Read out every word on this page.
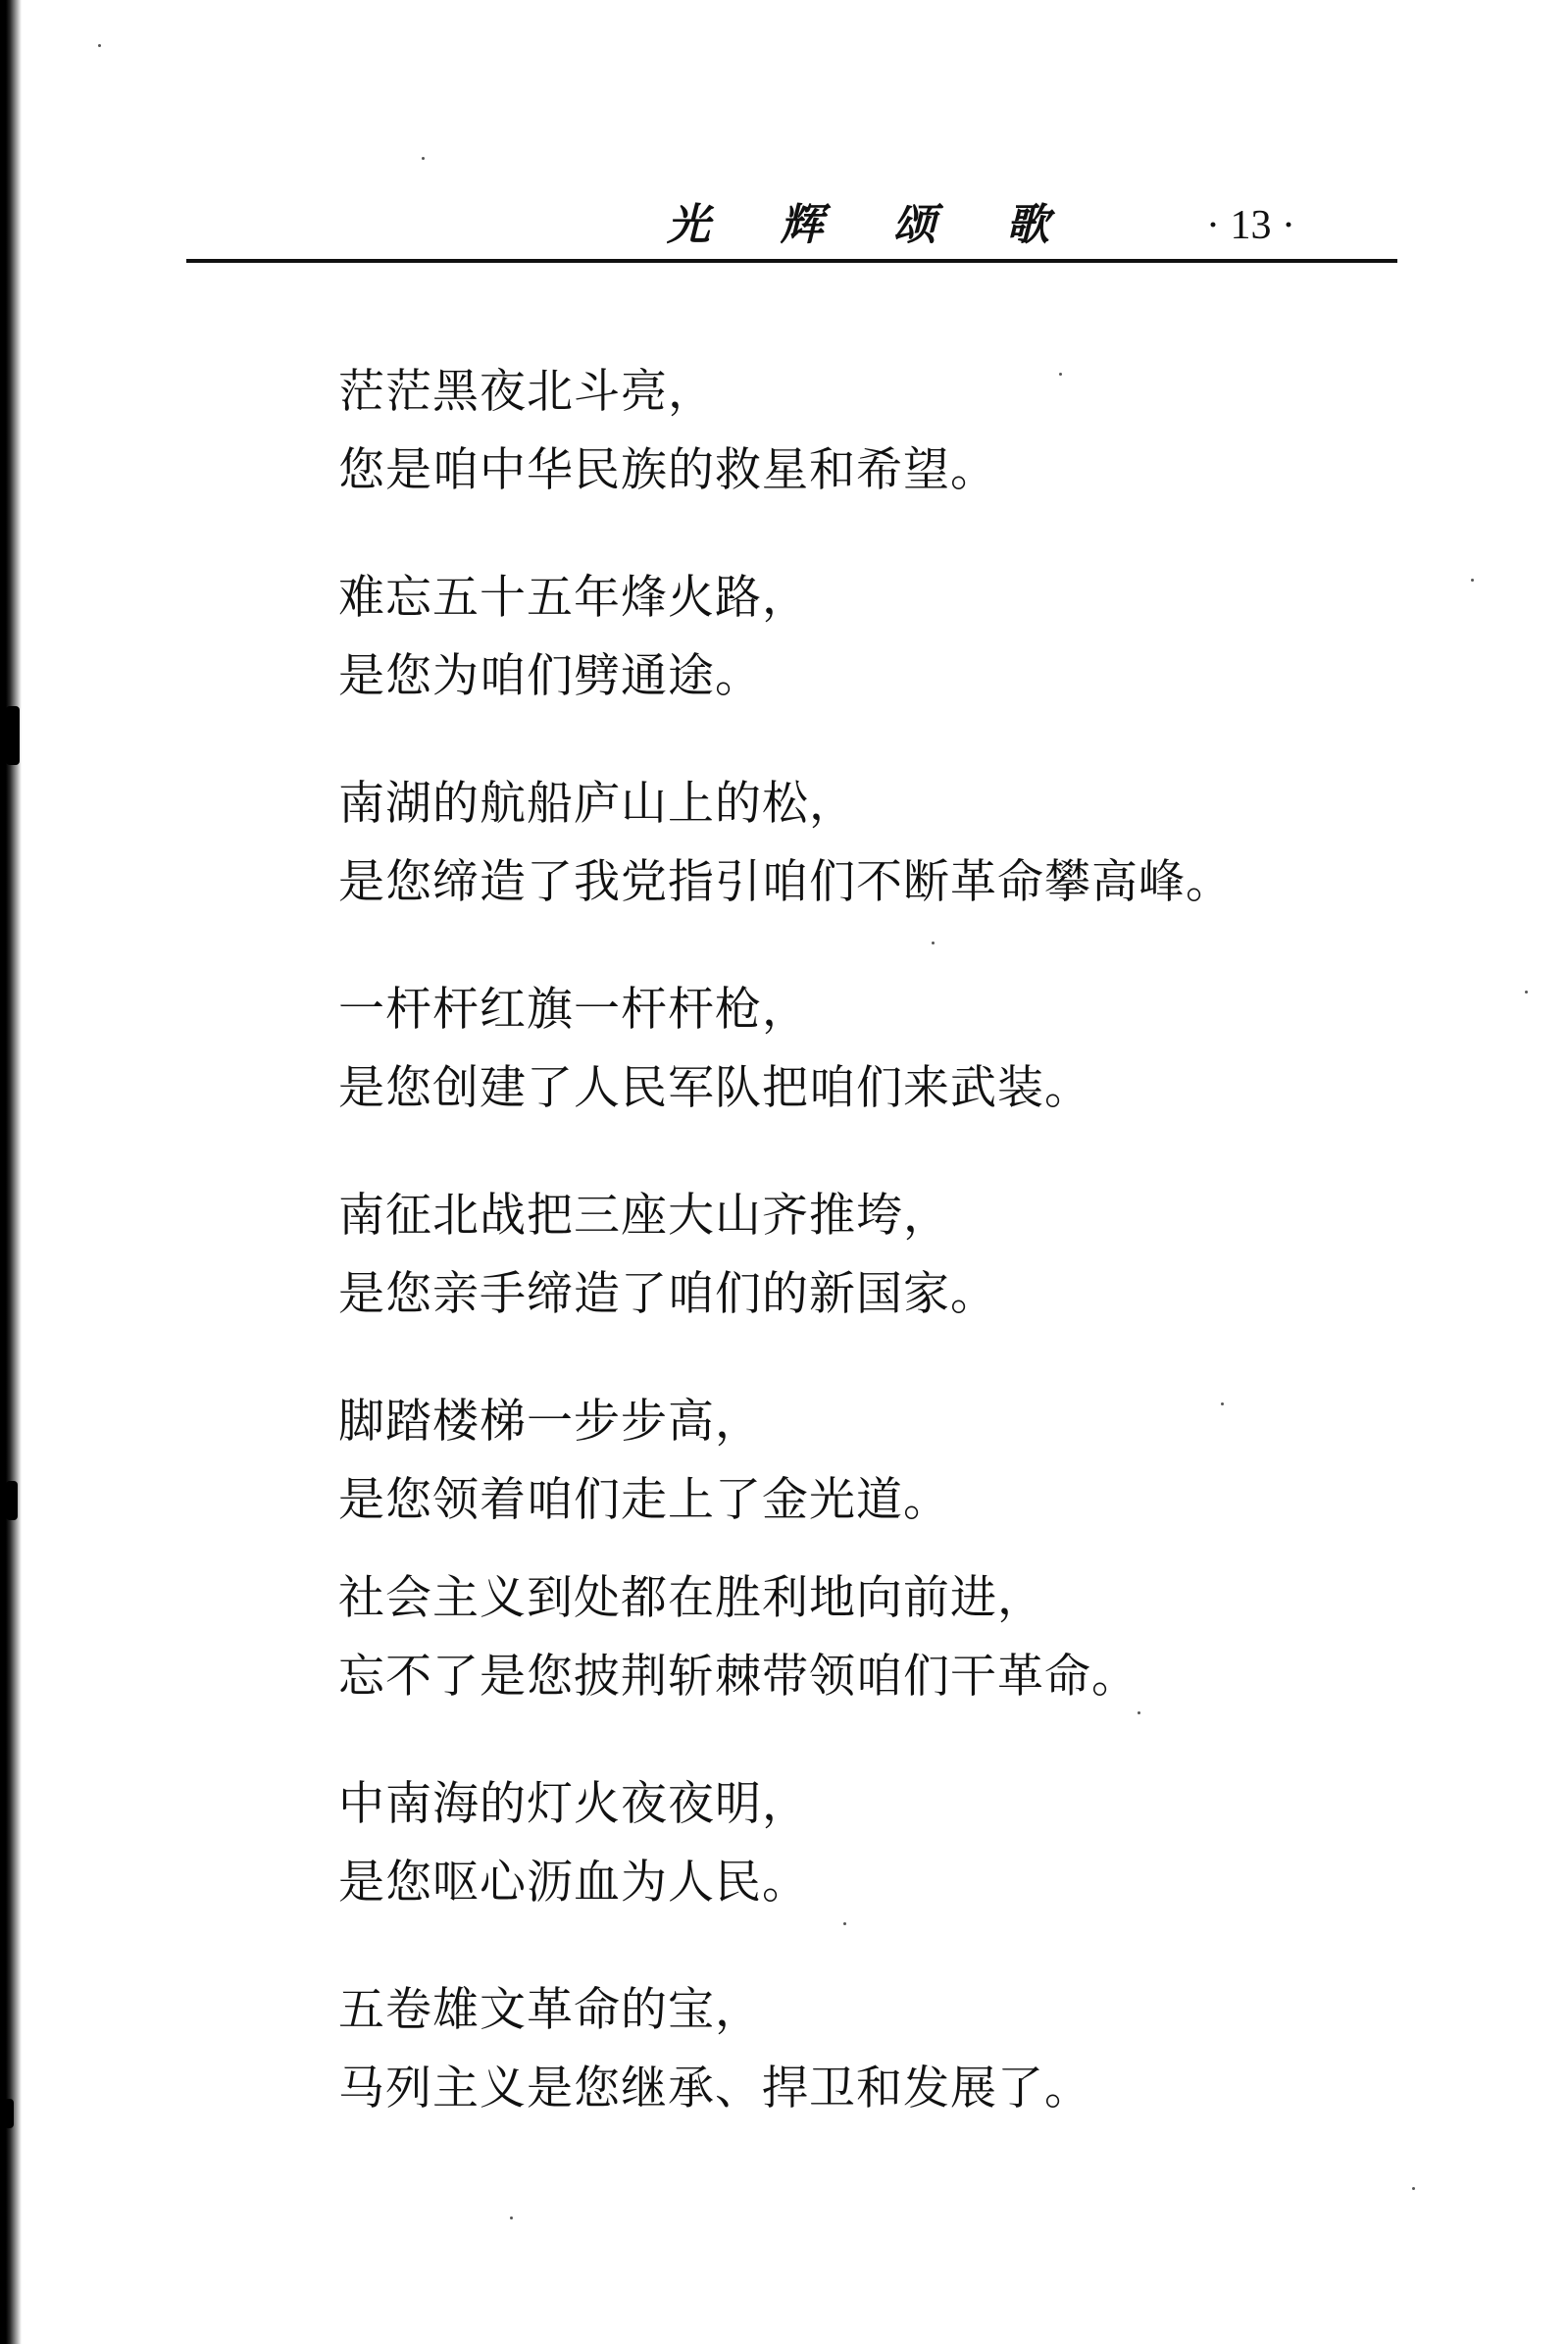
光 辉 颂 歌	· 13 ·
茫茫黑夜北斗亮，
您是咱中华民族的救星和希望。
难忘五十五年烽火路，
是您为咱们劈通途。
南湖的航船庐山上的松，
是您缔造了我党指引咱们不断革命攀高峰。
一杆杆红旗一杆杆枪，
是您创建了人民军队把咱们来武装。
南征北战把三座大山齐推垮，
是您亲手缔造了咱们的新国家。
脚踏楼梯一步步高，
是您领着咱们走上了金光道。
社会主义到处都在胜利地向前进，
忘不了是您披荆斩棘带领咱们干革命。
中南海的灯火夜夜明，
是您呕心沥血为人民。
五卷雄文革命的宝，
马列主义是您继承、捍卫和发展了。
